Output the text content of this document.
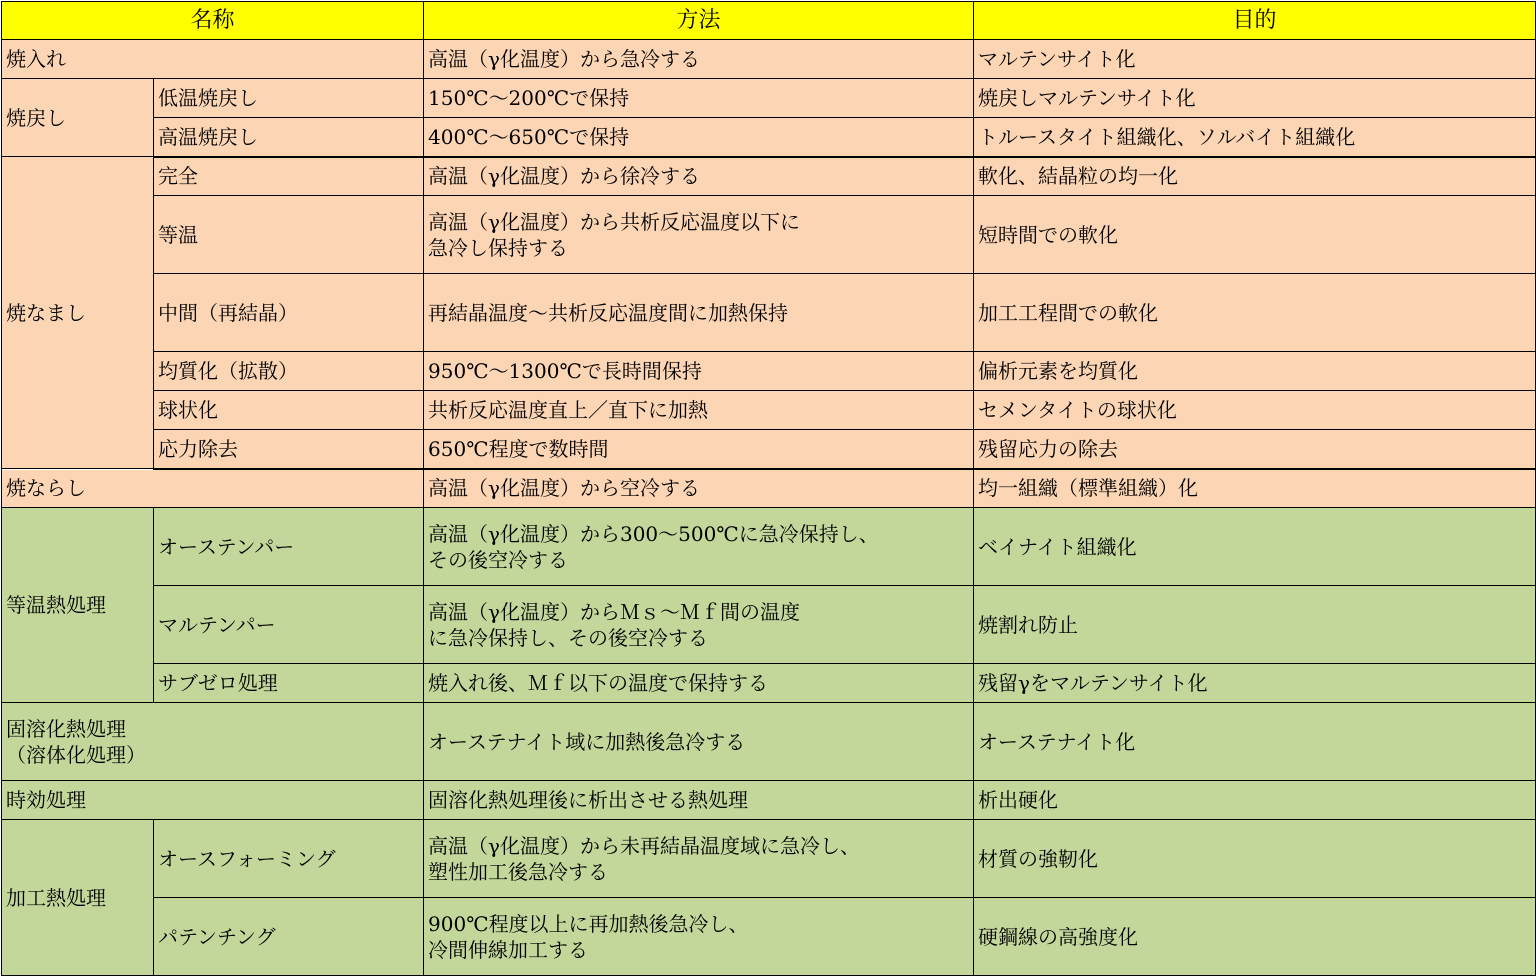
名称		方法	目的
焼入れ		高温（γ化温度）から急冷する	マルテンサイト化
焼戻し	低温焼戻し	150℃～200℃で保持	焼戻しマルテンサイト化
	高温焼戻し	400℃～650℃で保持	トルースタイト組織化、ソルバイト組織化
焼なまし	完全	高温（γ化温度）から徐冷する	軟化、結晶粒の均一化
	等温	高温（γ化温度）から共析反応温度以下に
急冷し保持する	短時間での軟化
	中間（再結晶）	再結晶温度～共析反応温度間に加熱保持	加工工程間での軟化
	均質化（拡散）	950℃～1300℃で長時間保持	偏析元素を均質化
	球状化	共析反応温度直上／直下に加熱	セメンタイトの球状化
	応力除去	650℃程度で数時間	残留応力の除去
焼ならし		高温（γ化温度）から空冷する	均一組織（標準組織）化
等温熱処理	オーステンパー	高温（γ化温度）から300～500℃に急冷保持し、
その後空冷する	ベイナイト組織化
	マルテンパー	高温（γ化温度）からＭｓ～Ｍｆ間の温度
に急冷保持し、その後空冷する	焼割れ防止
	サブゼロ処理	焼入れ後、Ｍｆ以下の温度で保持する	残留γをマルテンサイト化
固溶化熱処理
（溶体化処理）		オーステナイト域に加熱後急冷する	オーステナイト化
時効処理		固溶化熱処理後に析出させる熱処理	析出硬化
加工熱処理	オースフォーミング	高温（γ化温度）から未再結晶温度域に急冷し、
塑性加工後急冷する	材質の強靭化
	パテンチング	900℃程度以上に再加熱後急冷し、
冷間伸線加工する	硬鋼線の高強度化
